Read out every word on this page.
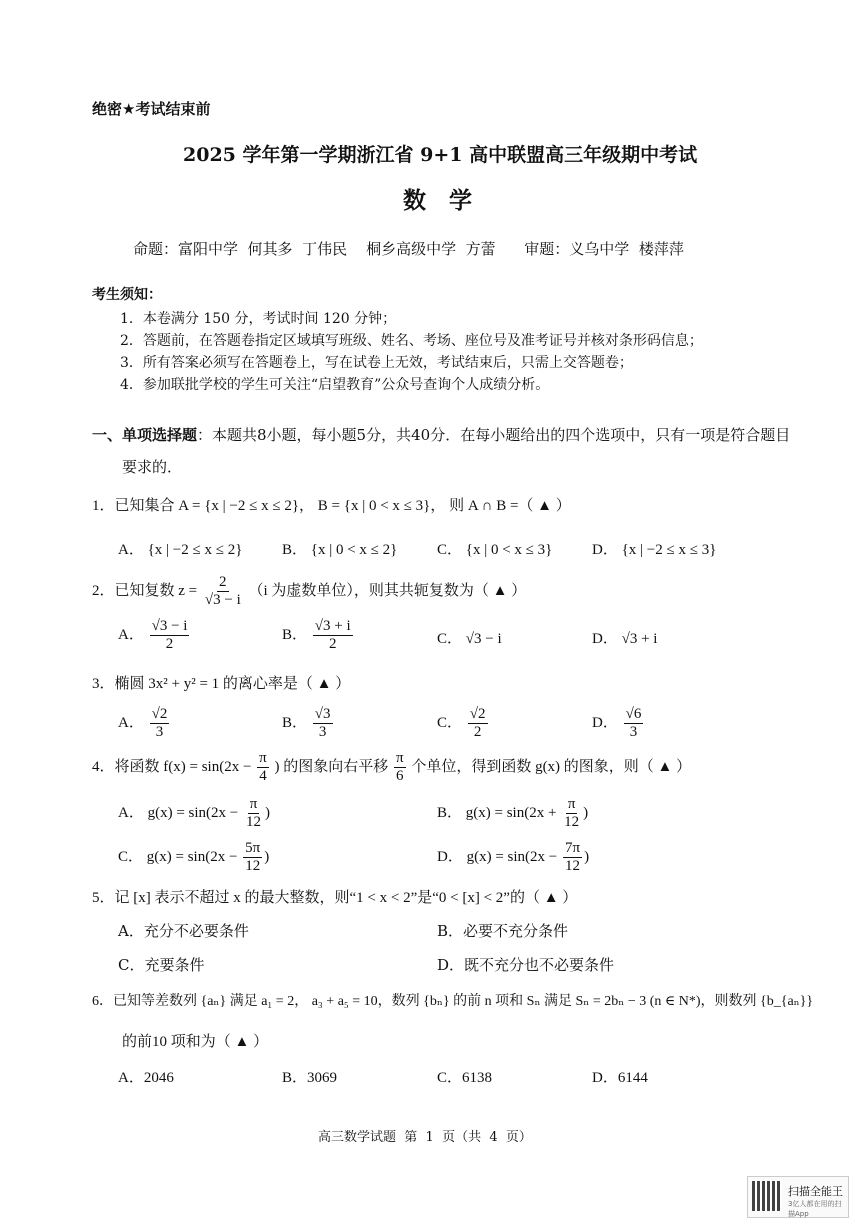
绝密★考试结束前
2025 学年第一学期浙江省 9+1 高中联盟高三年级期中考试
数　学
命题：富阳中学  何其多  丁伟民    桐乡高级中学  方蕾      审题：义乌中学  楼萍萍
考生须知：
1．本卷满分 150 分，考试时间 120 分钟；
2．答题前，在答题卷指定区域填写班级、姓名、考场、座位号及准考证号并核对条形码信息；
3．所有答案必须写在答题卷上，写在试卷上无效，考试结束后，只需上交答题卷；
4．参加联批学校的学生可关注“启望教育”公众号查询个人成绩分析。
一、单项选择题：本题共8小题，每小题5分，共40分．在每小题给出的四个选项中，只有一项是符合题目
要求的．
1．已知集合 A = {x | −2 ≤ x ≤ 2}， B = {x | 0 < x ≤ 3}， 则 A ∩ B =（ ▲ ）
A． {x | −2 ≤ x ≤ 2}	B． {x | 0 < x ≤ 2}	C． {x | 0 < x ≤ 3}	D． {x | −2 ≤ x ≤ 3}
2．已知复数 $z = \frac{2}{√3 - i} (i$ 为虚数单位），则其共轭复数为（ ▲ ）
A． $\frac{√3 - i}{2}$	B． $\frac{√3 + i}{2}$	C． √3 − i	D． √3 + i
3．椭圆 3x² + y² = 1 的离心率是（ ▲ ）
A． $\frac{√2}{3}$	B． $\frac{√3}{3}$	C． $\frac{√2}{2}$	D． $\frac{√6}{3}$
4．将函数 $f(x) = \sin(2x - \frac{\pi}{4}$ ) 的图象向右平移 $\frac{\pi}{6}$ 个单位，得到函数 g(x) 的图象，则（ ▲ ）
A． $g(x) = \sin(2x - \frac{\pi}{12}$ )	B． $g(x) = \sin(2x + \frac{\pi}{12}$ )
C． $g(x) = \sin(2x - \frac{5\pi}{12}$ )	D． $g(x) = \sin(2x - \frac{7\pi}{12}$ )
5．记 [x] 表示不超过 x 的最大整数，则“1 < x < 2”是“0 < [x] < 2”的（ ▲ ）
A．充分不必要条件	B．必要不充分条件
C．充要条件	D．既不充分也不必要条件
6．已知等差数列 {aₙ} 满足 a₁ = 2， a₃ + a₅ = 10，数列 {bₙ} 的前 n 项和 Sₙ 满足 Sₙ = 2bₙ − 3 (n ∈ N*)，则数列 {b_{aₙ}}
的前10 项和为（ ▲ ）
A．2046	B．3069	C．6138	D．6144
高三数学试题  第  1  页（共  4  页）
扫描全能王
3亿人都在用的扫描App
